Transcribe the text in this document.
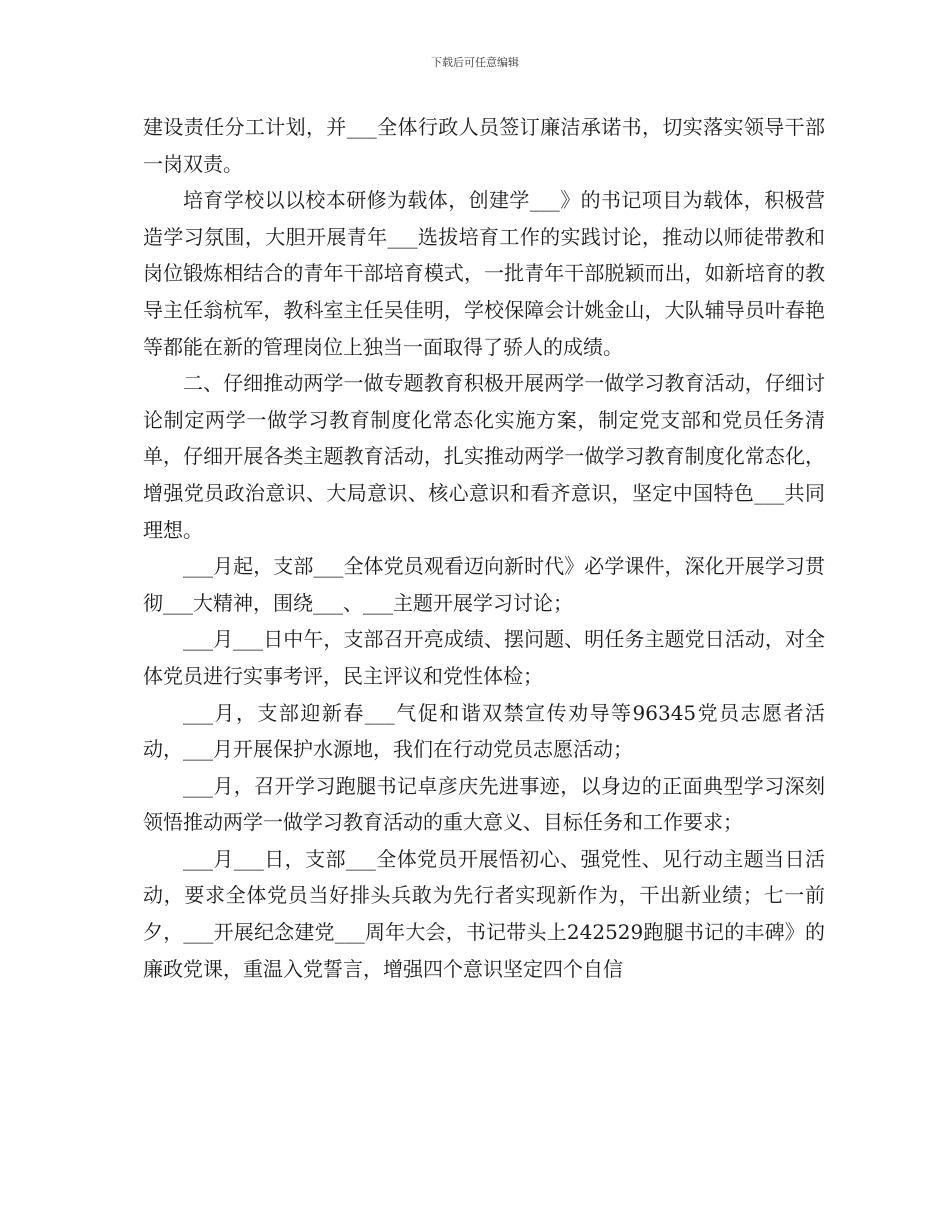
下载后可任意编辑

建设责任分工计划，并___全体行政人员签订廉洁承诺书，切实落实领导干部一岗双责。

培育学校以以校本研修为载体，创建学___》的书记项目为载体，积极营造学习氛围，大胆开展青年___选拔培育工作的实践讨论，推动以师徒带教和岗位锻炼相结合的青年干部培育模式，一批青年干部脱颖而出，如新培育的教导主任翁杭军，教科室主任吴佳明，学校保障会计姚金山，大队辅导员叶春艳等都能在新的管理岗位上独当一面取得了骄人的成绩。

二、仔细推动两学一做专题教育积极开展两学一做学习教育活动，仔细讨论制定两学一做学习教育制度化常态化实施方案，制定党支部和党员任务清单，仔细开展各类主题教育活动，扎实推动两学一做学习教育制度化常态化，增强党员政治意识、大局意识、核心意识和看齐意识，坚定中国特色___共同理想。

___月起，支部___全体党员观看迈向新时代》必学课件，深化开展学习贯彻___大精神，围绕___、___主题开展学习讨论；

___月___日中午，支部召开亮成绩、摆问题、明任务主题党日活动，对全体党员进行实事考评，民主评议和党性体检；

___月，支部迎新春___气促和谐双禁宣传劝导等96345党员志愿者活动，___月开展保护水源地，我们在行动党员志愿活动；

___月，召开学习跑腿书记卓彦庆先进事迹，以身边的正面典型学习深刻领悟推动两学一做学习教育活动的重大意义、目标任务和工作要求；

___月___日，支部___全体党员开展悟初心、强党性、见行动主题当日活动，要求全体党员当好排头兵敢为先行者实现新作为，干出新业绩；七一前夕，___开展纪念建党___周年大会，书记带头上242529跑腿书记的丰碑》的廉政党课，重温入党誓言，增强四个意识坚定四个自信
